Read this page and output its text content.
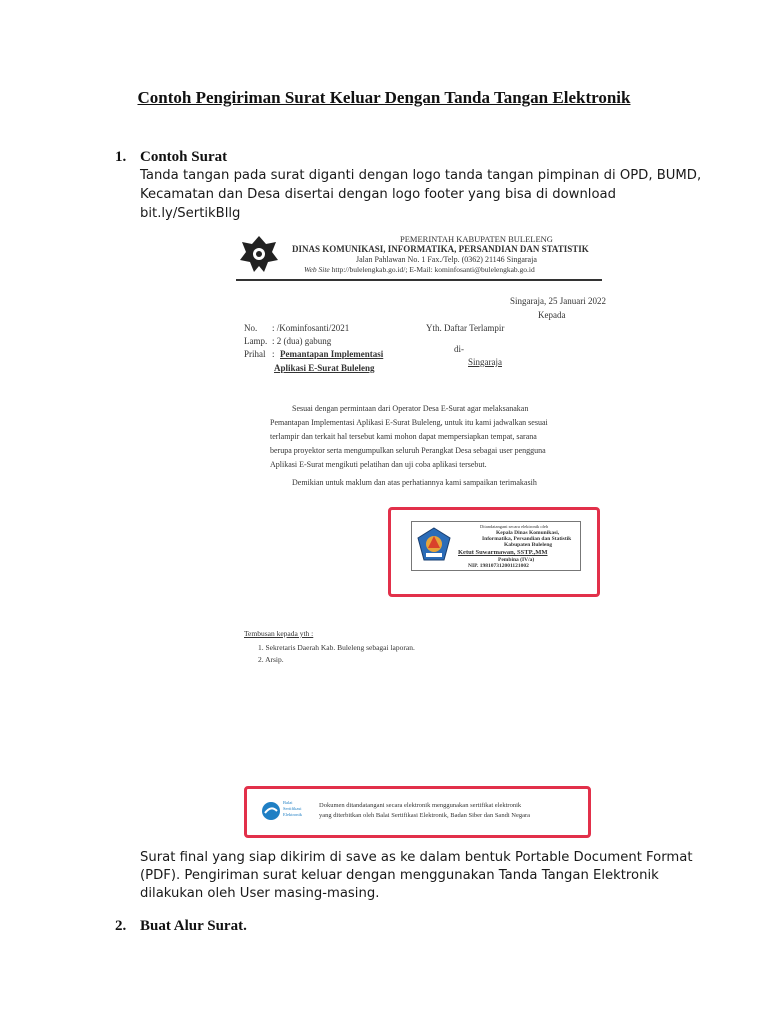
Contoh Pengiriman Surat Keluar Dengan Tanda Tangan Elektronik
1. Contoh Surat
Tanda tangan pada surat diganti dengan logo tanda tangan pimpinan di OPD, BUMD,
Kecamatan dan Desa disertai dengan logo footer yang bisa di download
bit.ly/SertikBllg
PEMERINTAH KABUPATEN BULELENG
DINAS KOMUNIKASI, INFORMATIKA, PERSANDIAN DAN STATISTIK
Jalan Pahlawan No. 1 Fax./Telp. (0362) 21146 Singaraja
Web Site http://bulelengkab.go.id/; E-Mail: kominfosanti@bulelengkab.go.id
Singaraja, 25 Januari 2022
Kepada
Yth. Daftar Terlampir
di-
Singaraja
No. : /Kominfosanti/2021
Lamp. : 2 (dua) gabung
Prihal : Pemantapan Implementasi
Aplikasi E-Surat Buleleng
Sesuai dengan permintaan dari Operator Desa E-Surat agar melaksanakan
Pemantapan Implementasi Aplikasi E-Surat Buleleng, untuk itu kami jadwalkan sesuai
terlampir dan terkait hal tersebut kami mohon dapat mempersiapkan tempat, sarana
berupa proyektor serta mengumpulkan seluruh Perangkat Desa sebagai user pengguna
Aplikasi E-Surat mengikuti pelatihan dan uji coba aplikasi tersebut.
Demikian untuk maklum dan atas perhatiannya kami sampaikan terimakasih
Ditandatangani secara elektronik oleh
Kepala Dinas Komunikasi,
Informatika, Persandian dan Statistik
Kabupaten Buleleng
Ketut Suwarmawan, SSTP.,MM
Pembina (IV/a)
NIP. 198107312001121002
Tembusan kepada yth :
1. Sekretaris Daerah Kab. Buleleng sebagai laporan.
2. Arsip.
Balai
Sertifikasi
Elektronik
Dokumen ditandatangani secara elektronik menggunakan sertifikat elektronik
yang diterbitkan oleh Balai Sertifikasi Elektronik, Badan Siber dan Sandi Negara
Surat final yang siap dikirim di save as ke dalam bentuk Portable Document Format
(PDF). Pengiriman surat keluar dengan menggunakan Tanda Tangan Elektronik
dilakukan oleh User masing-masing.
2. Buat Alur Surat.
